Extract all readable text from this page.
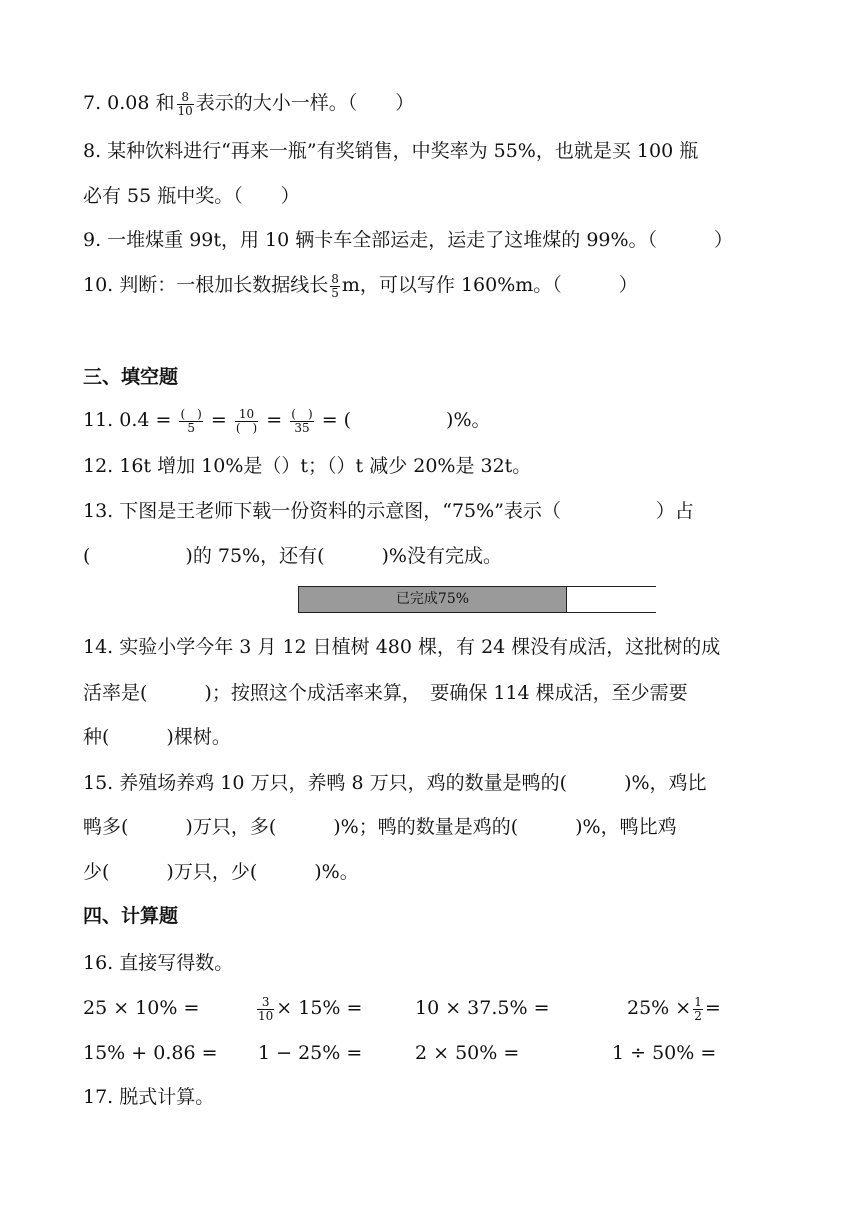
7. 0.08 和 $\frac{8}{10}$ 表示的大小一样。（　　）
8. 某种饮料进行“再来一瓶”有奖销售，中奖率为 55%，也就是买 100 瓶
必有 55 瓶中奖。（　　）
9. 一堆煤重 99t，用 10 辆卡车全部运走，运走了这堆煤的 99%。（　　　）
10. 判断：一根加长数据线长 $\frac{8}{5}$ m，可以写作 160%m。（　　　）
三、填空题
11. $0.4 = \frac{( )}{5} = \frac{10}{( )} = \frac{( )}{35}$ = (　　　　　)%。
12. 16t 增加 10%是（）t；（）t 减少 20%是 32t。
13. 下图是王老师下载一份资料的示意图，“75%”表示（　　　　　）占
(　　　　　)的 75%，还有(　　　)%没有完成。
已完成75%
14. 实验小学今年 3 月 12 日植树 480 棵，有 24 棵没有成活，这批树的成
活率是(　　　)；按照这个成活率来算，　要确保 114 棵成活，至少需要
种(　　　)棵树。
15. 养殖场养鸡 10 万只，养鸭 8 万只，鸡的数量是鸭的(　　　)%，鸡比
鸭多(　　　)万只，多(　　　)%；鸭的数量是鸡的(　　　)%，鸭比鸡
少(　　　)万只，少(　　　)%。
四、计算题
16. 直接写得数。
25 × 10% =	$\frac{3}{10} \times 15\%$ =	10 × 37.5% =	$25\% \times \frac{1}{2}$ =
15% + 0.86 = 1 − 25% =	2 × 50% =	1 ÷ 50% =
17. 脱式计算。
